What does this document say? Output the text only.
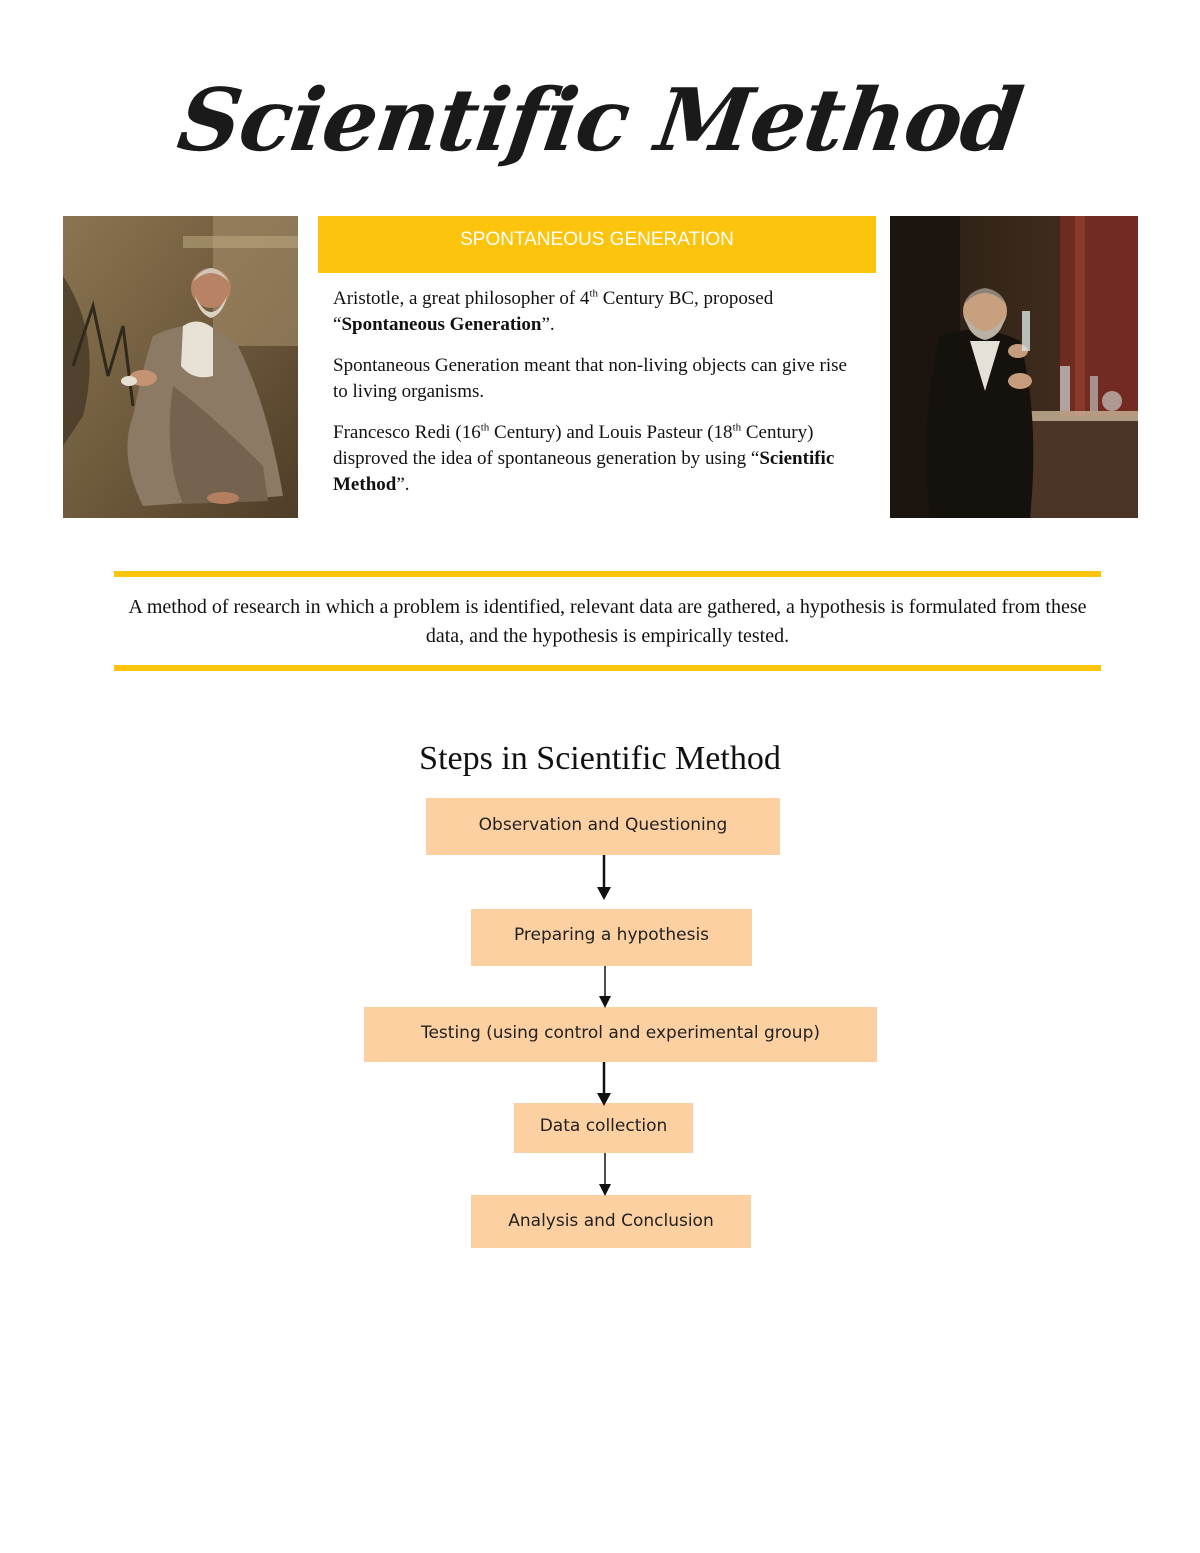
Scientific Method
SPONTANEOUS GENERATION

Aristotle, a great philosopher of 4th Century BC, proposed
“Spontaneous Generation”.

Spontaneous Generation meant that non-living objects can give rise to living organisms.

Francesco Redi (16th Century) and Louis Pasteur (18th Century) disproved the idea of spontaneous generation by using “Scientific Method”.

A method of research in which a problem is identified, relevant data are gathered, a hypothesis is formulated from these data, and the hypothesis is empirically tested.
Steps in Scientific Method
Observation and Questioning
Preparing a hypothesis
Testing (using control and experimental group)
Data collection
Analysis and Conclusion
